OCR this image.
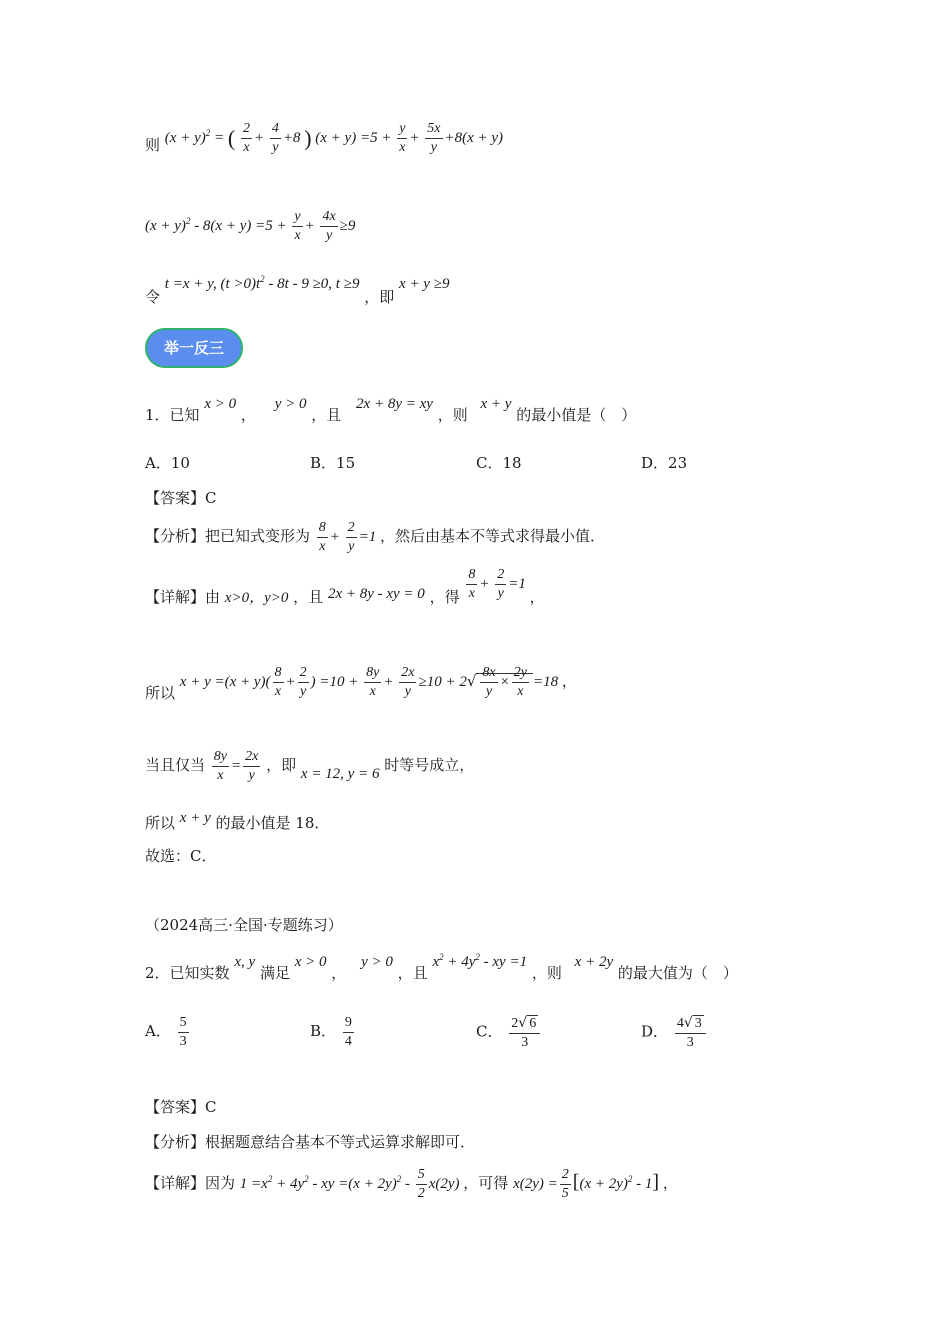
则 $(x + y)^2$ = ( $\frac{2}{x} + \frac{4}{y} +8$ ) $(x + y) =5 + \frac{y}{x} + \frac{5x}{y} +8(x + y)$
$(x + y)^2 - 8(x + y) =5 + \frac{y}{x} + \frac{4x}{y} \ge 9$
令 t =x + y, $(t >0)t^2 - 8t - 9 \ge 0$, t ≥9 ，即 x + y ≥9
举一反三
1．已知 x > 0 ， y > 0 ，且 2x + 8y = xy ，则 x + y 的最小值是（　）
A．10	B．15	C．18	D．23
【答案】C
【分析】把已知式变形为 $\frac{8}{x} + \frac{2}{y} =1$ ，然后由基本不等式求得最小值．
【详解】由 x>0，y>0 ，且 2x + 8y - xy = 0 ，得 $\frac{8}{x} + \frac{2}{y} =1$ ，
所以 $x + y =(x + y)( \frac{8}{x} + \frac{2}{y}$ ) $=10 + \frac{8y}{x} + \frac{2x}{y} \ge 10 + 2√ \frac{8x}{y} \times \frac{2y}{x} =18$ ，
当且仅当 $\frac{8y}{x} = \frac{2x}{y}$ ，即 x = 12, y = 6 时等号成立，
所以 x + y 的最小值是 18．
故选：C．
（2024高三·全国·专题练习）
2．已知实数 x, y 满足 x > 0 ， y > 0 ，且 $x^2 + 4y^2$ - xy =1 ，则 x + 2y 的最大值为（　）
A． $\frac{5}{3}$	B． $\frac{9}{4}$	C． $\frac{2√ 6}{3}$	D． $\frac{4√ 3}{3}$
【答案】C
【分析】根据题意结合基本不等式运算求解即可．
【详解】因为 $1 =x^2 + 4y^2$ - xy $=(x + 2y)^2 - \frac{5}{2} x(2y)$ ，可得 $x(2y) = \frac{2}{5} [(x + 2y)^2 - 1]$ ，
